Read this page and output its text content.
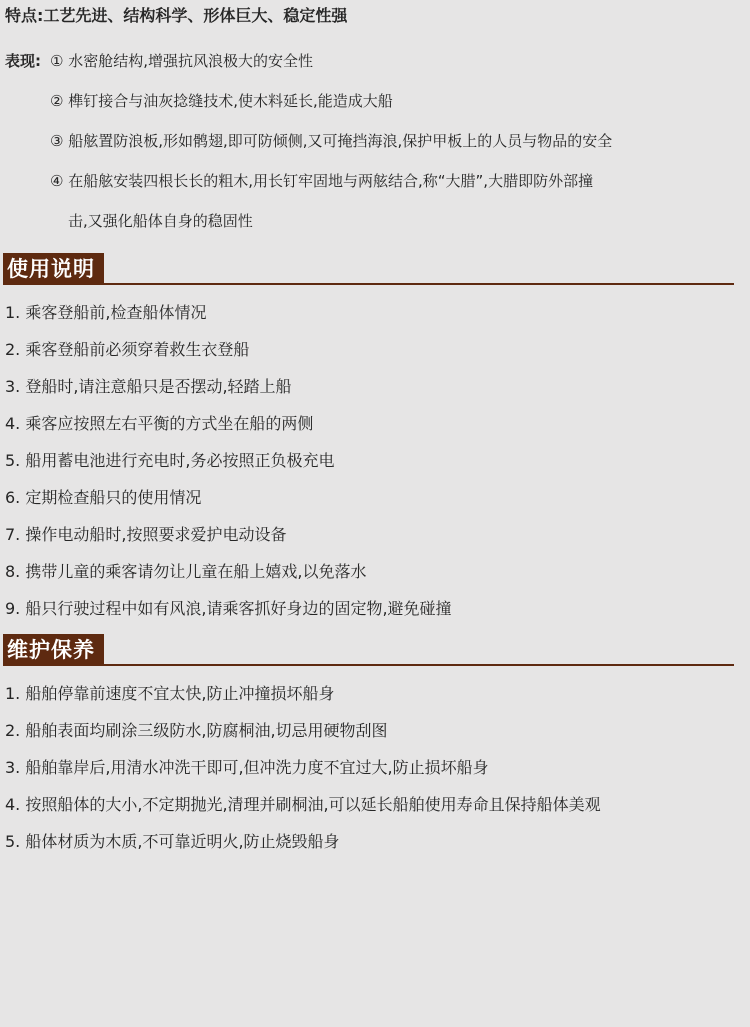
特点:工艺先进、结构科学、形体巨大、稳定性强
表现: ① 水密舱结构,增强抗风浪极大的安全性
② 榫钉接合与油灰捻缝技术,使木料延长,能造成大船
③ 船舷置防浪板,形如鹘翅,即可防倾侧,又可掩挡海浪,保护甲板上的人员与物品的安全
④ 在船舷安装四根长长的粗木,用长钉牢固地与两舷结合,称“大腊”,大腊即防外部撞
击,又强化船体自身的稳固性
使用说明
1. 乘客登船前,检查船体情况
2. 乘客登船前必须穿着救生衣登船
3. 登船时,请注意船只是否摆动,轻踏上船
4. 乘客应按照左右平衡的方式坐在船的两侧
5. 船用蓄电池进行充电时,务必按照正负极充电
6. 定期检查船只的使用情况
7. 操作电动船时,按照要求爱护电动设备
8. 携带儿童的乘客请勿让儿童在船上嬉戏,以免落水
9. 船只行驶过程中如有风浪,请乘客抓好身边的固定物,避免碰撞
维护保养
1. 船舶停靠前速度不宜太快,防止冲撞损坏船身
2. 船舶表面均刷涂三级防水,防腐桐油,切忌用硬物刮图
3. 船舶靠岸后,用清水冲洗干即可,但冲洗力度不宜过大,防止损坏船身
4. 按照船体的大小,不定期抛光,清理并刷桐油,可以延长船舶使用寿命且保持船体美观
5. 船体材质为木质,不可靠近明火,防止烧毁船身
